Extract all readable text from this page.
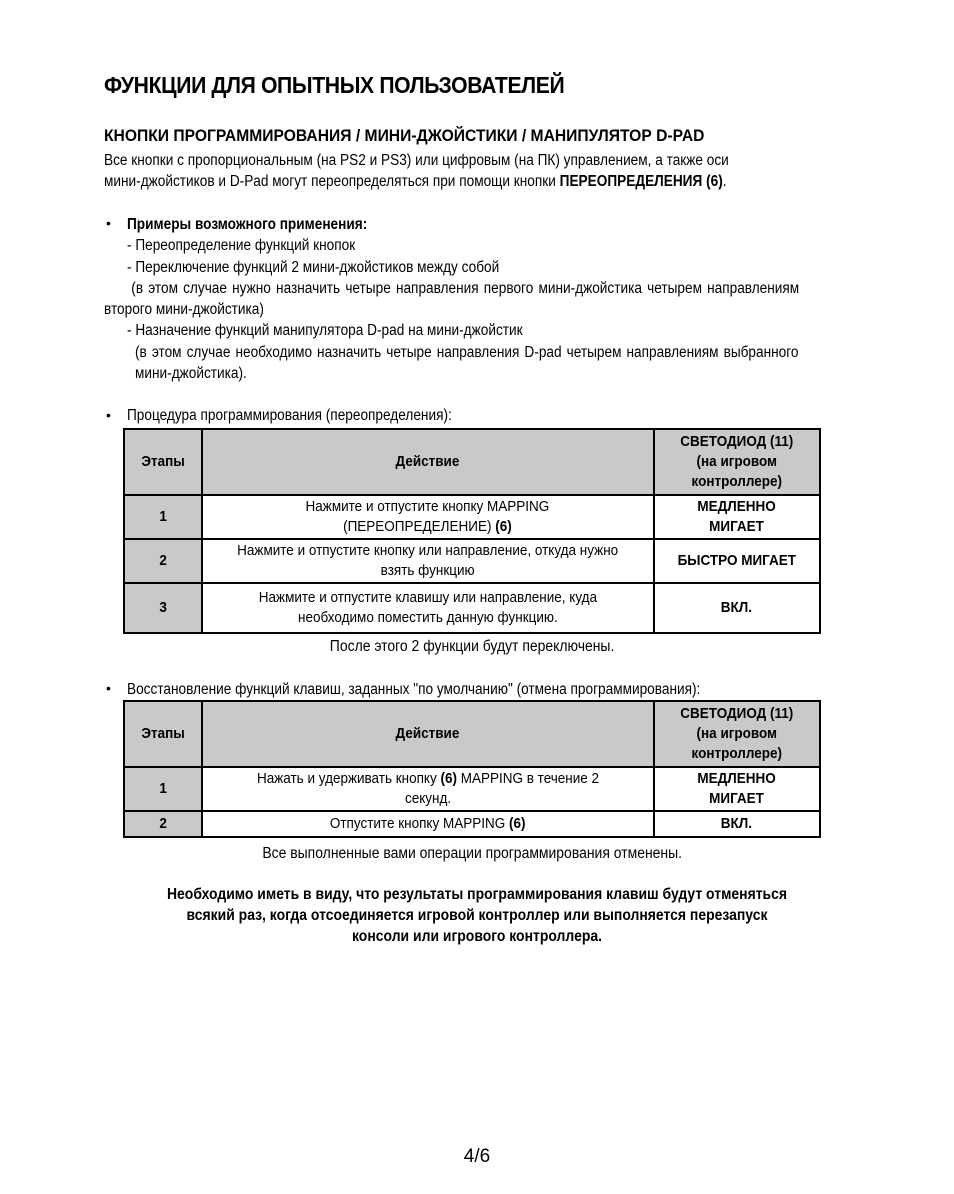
ФУНКЦИИ ДЛЯ ОПЫТНЫХ ПОЛЬЗОВАТЕЛЕЙ
КНОПКИ ПРОГРАММИРОВАНИЯ / МИНИ-ДЖОЙСТИКИ / МАНИПУЛЯТОР D-PAD
Все кнопки с пропорциональным (на PS2 и PS3) или цифровым (на ПК) управлением, а также оси
мини-джойстиков и D-Pad могут переопределяться при помощи кнопки ПЕРЕОПРЕДЕЛЕНИЯ (6).
• Примеры возможного применения:
- Переопределение функций кнопок
- Переключение функций 2 мини-джойстиков между собой
(в этом случае нужно назначить четыре направления первого мини-джойстика четырем направлениям второго мини-джойстика)
- Назначение функций манипулятора D-pad на мини-джойстик
(в этом случае необходимо назначить четыре направления D-pad четырем направлениям выбранного мини-джойстика).
• Процедура программирования (переопределения):
Этапы	Действие	СВЕТОДИОД (11)
(на игровом
контроллере)
1	Нажмите и отпустите кнопку MAPPING
(ПЕРЕОПРЕДЕЛЕНИЕ) (6)	МЕДЛЕННО
МИГАЕТ
2	Нажмите и отпустите кнопку или направление, откуда нужно
взять функцию	БЫСТРО МИГАЕТ
3	Нажмите и отпустите клавишу или направление, куда
необходимо поместить данную функцию.	ВКЛ.
После этого 2 функции будут переключены.
• Восстановление функций клавиш, заданных "по умолчанию" (отмена программирования):
Этапы	Действие	СВЕТОДИОД (11)
(на игровом
контроллере)
1	Нажать и удерживать кнопку (6) MAPPING в течение 2
секунд.	МЕДЛЕННО
МИГАЕТ
2	Отпустите кнопку MAPPING (6)	ВКЛ.
Все выполненные вами операции программирования отменены.
Необходимо иметь в виду, что результаты программирования клавиш будут отменяться
всякий раз, когда отсоединяется игровой контроллер или выполняется перезапуск
консоли или игрового контроллера.
4/6
